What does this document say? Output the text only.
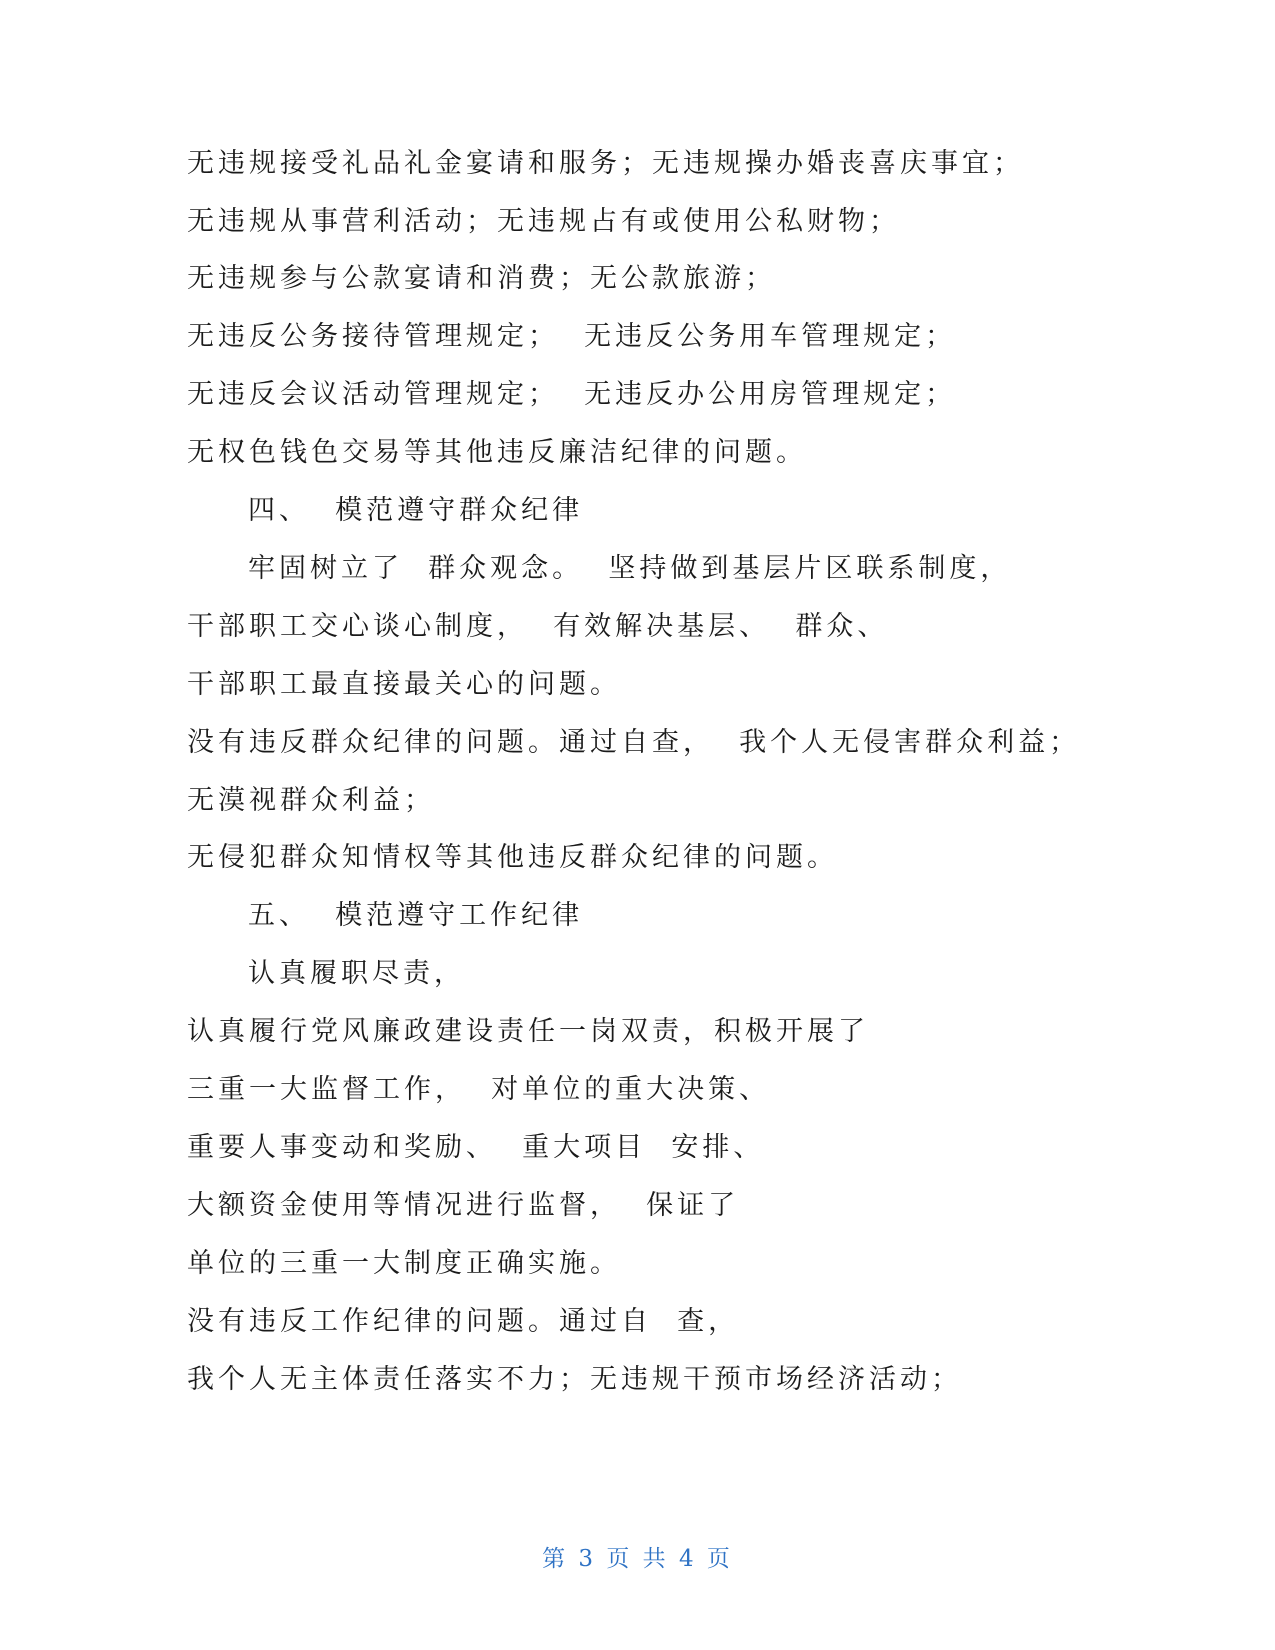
无违规接受礼品礼金宴请和服务；无违规操办婚丧喜庆事宜；
无违规从事营利活动；无违规占有或使用公私财物；
无违规参与公款宴请和消费；无公款旅游；
无违反公务接待管理规定；  无违反公务用车管理规定；
无违反会议活动管理规定；  无违反办公用房管理规定；
无权色钱色交易等其他违反廉洁纪律的问题。
四、  模范遵守群众纪律
牢固树立了  群众观念。  坚持做到基层片区联系制度，
干部职工交心谈心制度，  有效解决基层、  群众、
干部职工最直接最关心的问题。
没有违反群众纪律的问题。通过自查，  我个人无侵害群众利益；
无漠视群众利益；
无侵犯群众知情权等其他违反群众纪律的问题。
五、  模范遵守工作纪律
认真履职尽责，
认真履行党风廉政建设责任一岗双责，积极开展了
三重一大监督工作，  对单位的重大决策、
重要人事变动和奖励、  重大项目  安排、
大额资金使用等情况进行监督，  保证了
单位的三重一大制度正确实施。
没有违反工作纪律的问题。通过自  查，
我个人无主体责任落实不力；无违规干预市场经济活动；
第 3 页 共 4 页
